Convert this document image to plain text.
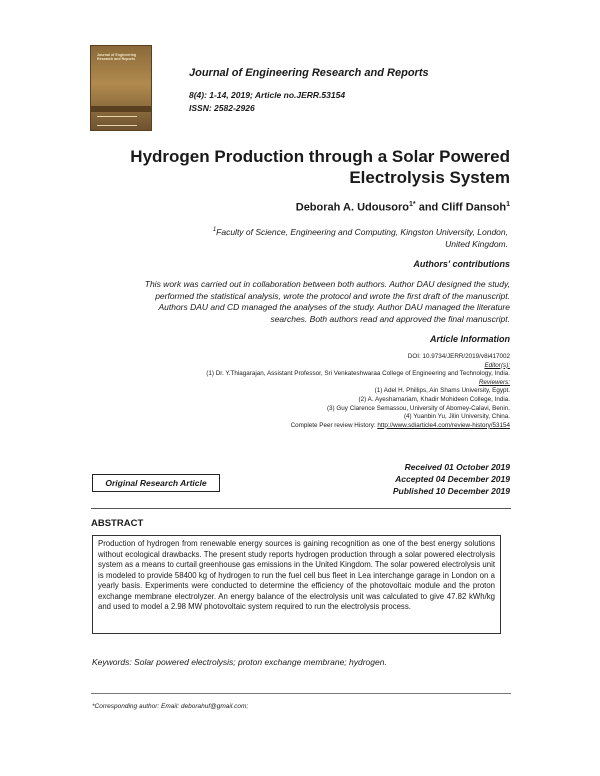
Journal of Engineering Research and Reports
Journal of Engineering Research and Reports
8(4): 1-14, 2019; Article no.JERR.53154
ISSN: 2582-2926
Hydrogen Production through a Solar Powered
Electrolysis System
Deborah A. Udousoro$^{1*}$ and Cliff Dansoh$^1$
$^1$Faculty of Science, Engineering and Computing, Kingston University, London,
United Kingdom.
Authors' contributions
This work was carried out in collaboration between both authors. Author DAU designed the study,
performed the statistical analysis, wrote the protocol and wrote the first draft of the manuscript.
Authors DAU and CD managed the analyses of the study. Author DAU managed the literature
searches. Both authors read and approved the final manuscript.
Article Information
DOI: 10.9734/JERR/2019/v8i417002
Editor(s):
(1) Dr. Y.Thiagarajan, Assistant Professor, Sri Venkateshwaraa College of Engineering and Technology, India.
Reviewers:
(1) Adel H. Phillips, Ain Shams University, Egypt.
(2) A. Ayeshamariam, Khadir Mohideen College, India.
(3) Guy Clarence Semassou, University of Abomey-Calavi, Benin.
(4) Yuanbin Yu, Jilin University, China.
Complete Peer review History: http://www.sdiarticle4.com/review-history/53154
Received 01 October 2019
Accepted 04 December 2019
Published 10 December 2019
Original Research Article
ABSTRACT
Production of hydrogen from renewable energy sources is gaining recognition as one of the best energy solutions without ecological drawbacks. The present study reports hydrogen production through a solar powered electrolysis system as a means to curtail greenhouse gas emissions in the United Kingdom. The solar powered electrolysis unit is modeled to provide 58400 kg of hydrogen to run the fuel cell bus fleet in Lea interchange garage in London on a yearly basis. Experiments were conducted to determine the efficiency of the photovoltaic module and the proton exchange membrane electrolyzer. An energy balance of the electrolysis unit was calculated to give 47.82 kWh/kg and used to model a 2.98 MW photovoltaic system required to run the electrolysis process.
Keywords: Solar powered electrolysis; proton exchange membrane; hydrogen.
*Corresponding author: Email: deborahuf@gmail.com;
